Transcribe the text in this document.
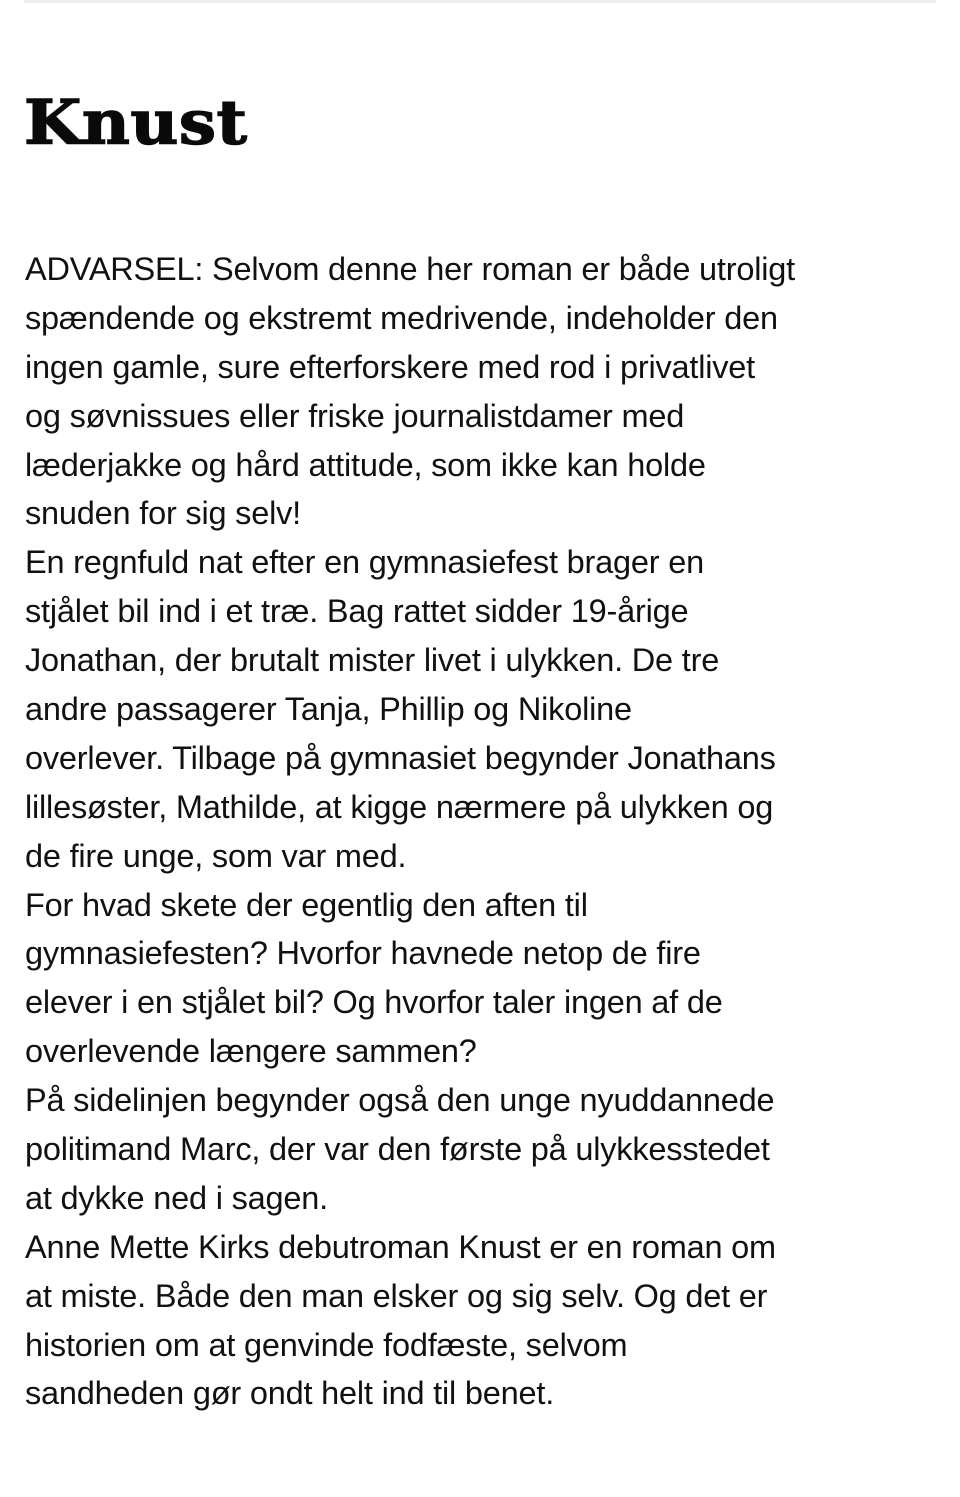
Knust
ADVARSEL: Selvom denne her roman er både utroligt
spændende og ekstremt medrivende, indeholder den
ingen gamle, sure efterforskere med rod i privatlivet
og søvnissues eller friske journalistdamer med
læderjakke og hård attitude, som ikke kan holde
snuden for sig selv!
En regnfuld nat efter en gymnasiefest brager en
stjålet bil ind i et træ. Bag rattet sidder 19-årige
Jonathan, der brutalt mister livet i ulykken. De tre
andre passagerer Tanja, Phillip og Nikoline
overlever. Tilbage på gymnasiet begynder Jonathans
lillesøster, Mathilde, at kigge nærmere på ulykken og
de fire unge, som var med.
For hvad skete der egentlig den aften til
gymnasiefesten? Hvorfor havnede netop de fire
elever i en stjålet bil? Og hvorfor taler ingen af de
overlevende længere sammen?
På sidelinjen begynder også den unge nyuddannede
politimand Marc, der var den første på ulykkesstedet
at dykke ned i sagen.
Anne Mette Kirks debutroman Knust er en roman om
at miste. Både den man elsker og sig selv. Og det er
historien om at genvinde fodfæste, selvom
sandheden gør ondt helt ind til benet.
